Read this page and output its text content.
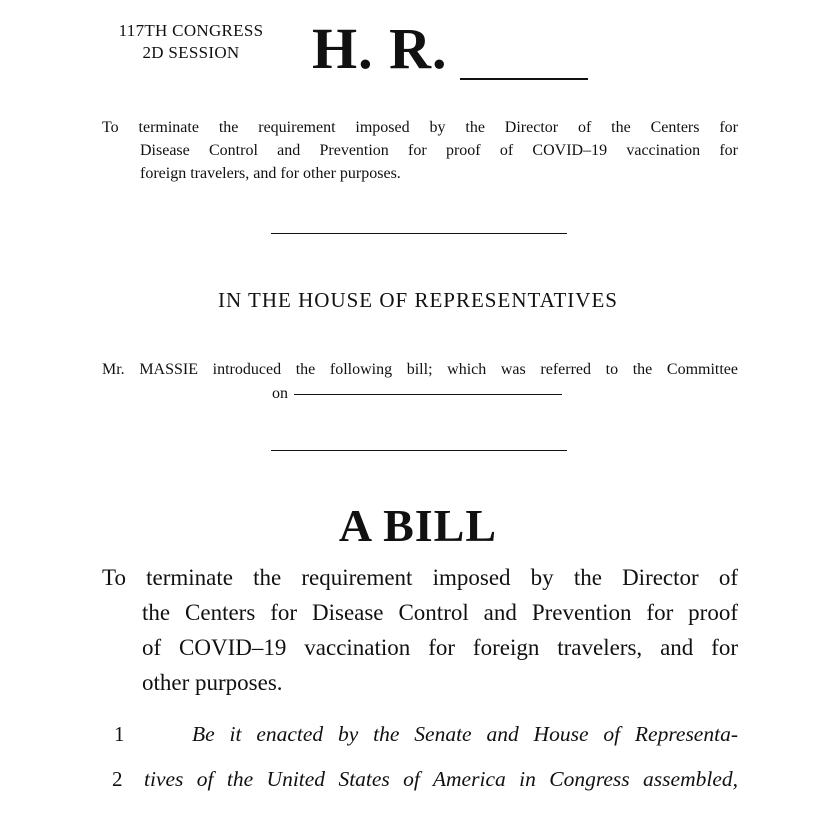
117TH CONGRESS
2D SESSION	H. R.
To terminate the requirement imposed by the Director of the Centers for
Disease Control and Prevention for proof of COVID–19 vaccination for
foreign travelers, and for other purposes.
IN THE HOUSE OF REPRESENTATIVES
Mr. MASSIE introduced the following bill; which was referred to the Committee
on
A BILL
To terminate the requirement imposed by the Director of
the Centers for Disease Control and Prevention for proof
of COVID–19 vaccination for foreign travelers, and for
other purposes.
1	Be it enacted by the Senate and House of Representa-
2 tives of the United States of America in Congress assembled,
